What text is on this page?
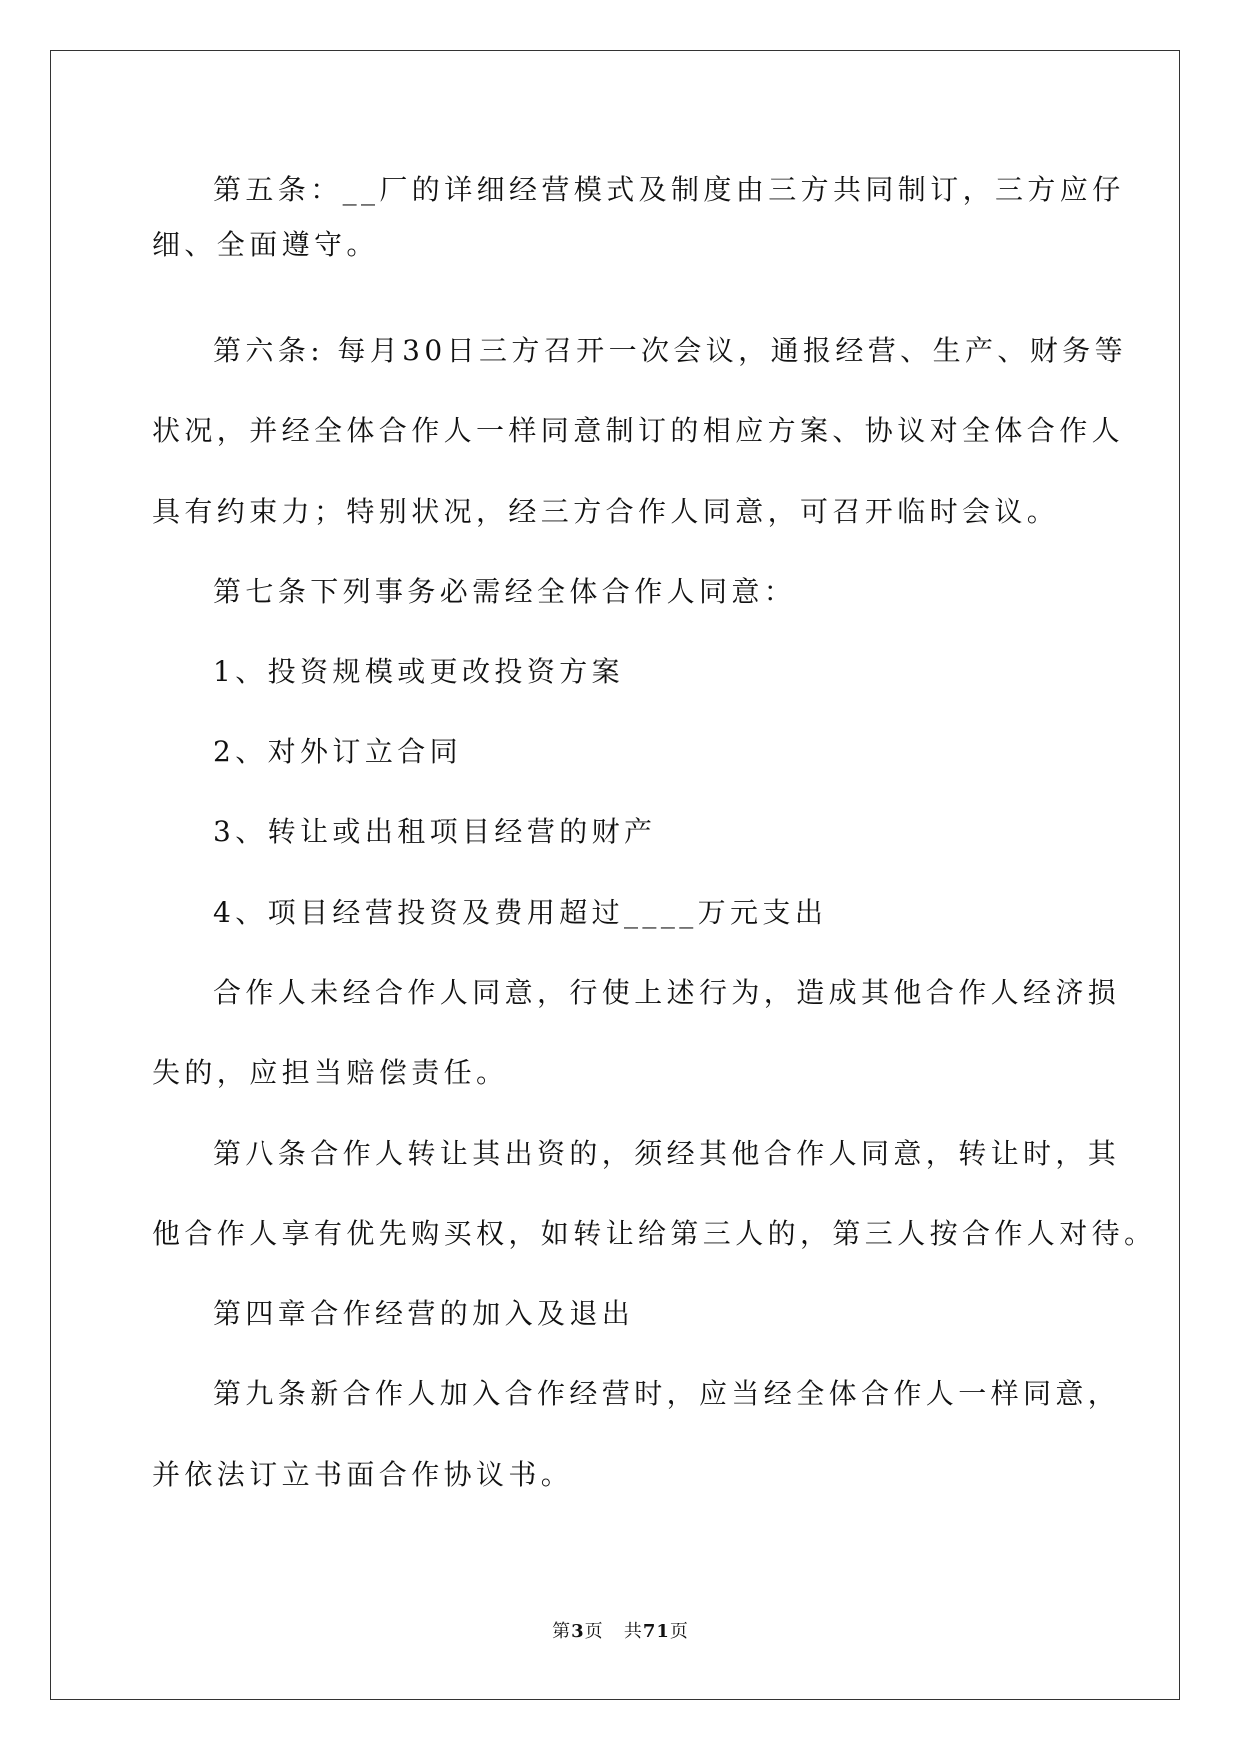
第五条：__厂的详细经营模式及制度由三方共同制订，三方应仔
细、全面遵守。
第六条: 每月30日三方召开一次会议，通报经营、生产、财务等
状况，并经全体合作人一样同意制订的相应方案、协议对全体合作人
具有约束力；特别状况，经三方合作人同意，可召开临时会议。
第七条下列事务必需经全体合作人同意：
1、投资规模或更改投资方案
2、对外订立合同
3、转让或出租项目经营的财产
4、项目经营投资及费用超过____万元支出
合作人未经合作人同意，行使上述行为，造成其他合作人经济损
失的，应担当赔偿责任。
第八条合作人转让其出资的，须经其他合作人同意，转让时，其
他合作人享有优先购买权，如转让给第三人的，第三人按合作人对待。
第四章合作经营的加入及退出
第九条新合作人加入合作经营时，应当经全体合作人一样同意，
并依法订立书面合作协议书。
第3页 共71页
